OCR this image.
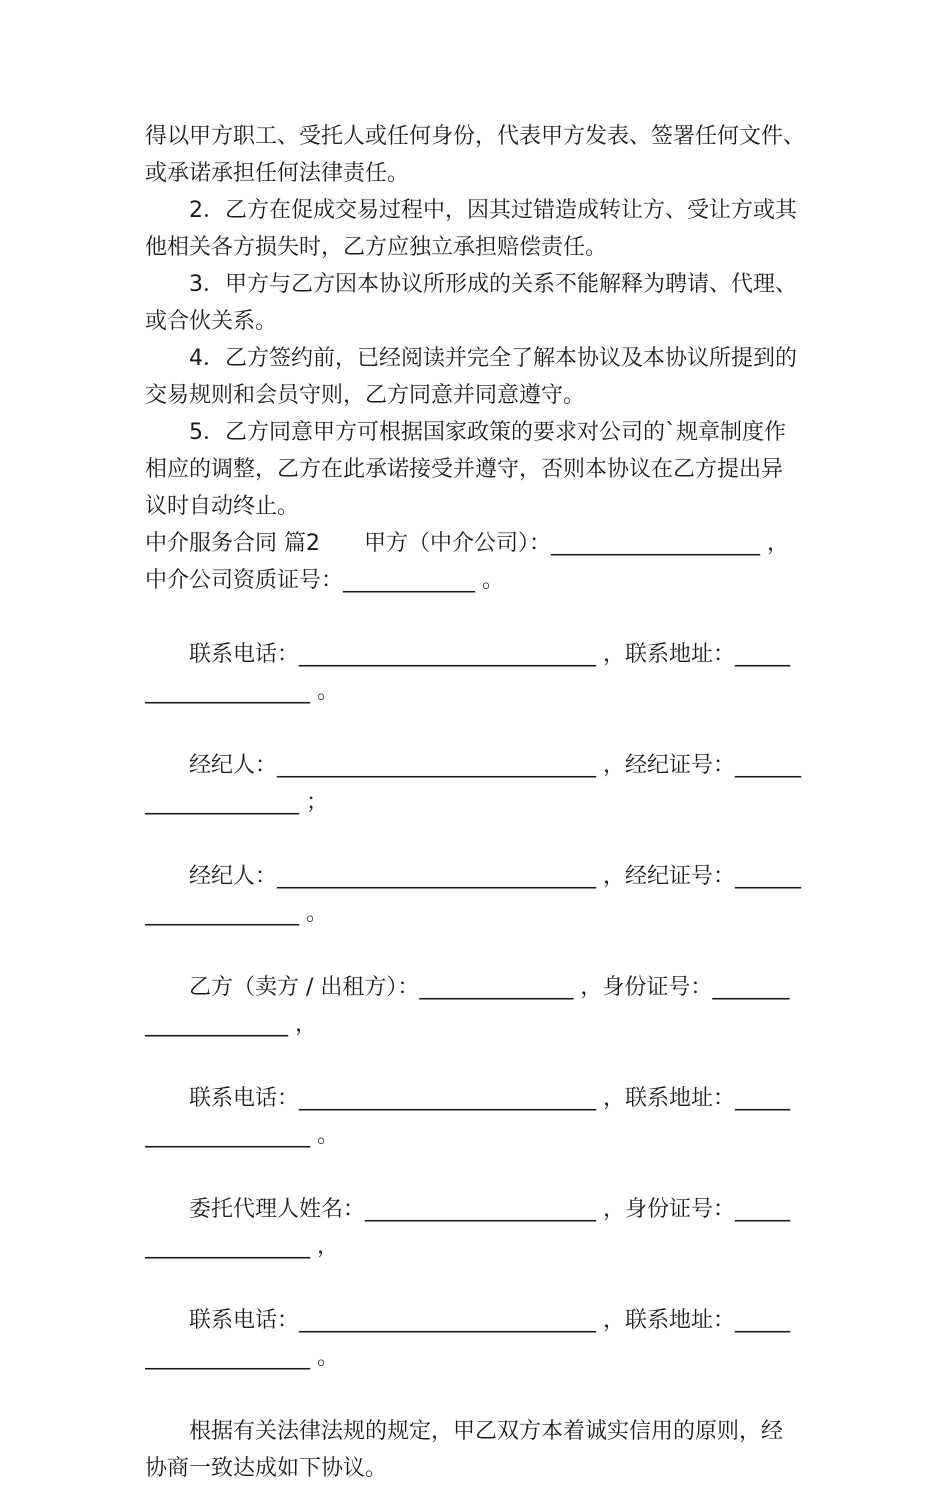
得以甲方职工、受托人或任何身份，代表甲方发表、签署任何文件、
或承诺承担任何法律责任。
2．乙方在促成交易过程中，因其过错造成转让方、受让方或其
他相关各方损失时，乙方应独立承担赔偿责任。
3．甲方与乙方因本协议所形成的关系不能解释为聘请、代理、
或合伙关系。
4．乙方签约前，已经阅读并完全了解本协议及本协议所提到的
交易规则和会员守则，乙方同意并同意遵守。
5．乙方同意甲方可根据国家政策的要求对公司的`规章制度作
相应的调整，乙方在此承诺接受并遵守，否则本协议在乙方提出异
议时自动终止。
中介服务合同 篇2　　甲方（中介公司）：___________________ ，
中介公司资质证号：____________ 。
联系电话：___________________________ ，联系地址：_____
_______________ 。
经纪人：_____________________________ ，经纪证号：______
______________ ；
经纪人：_____________________________ ，经纪证号：______
______________ 。
乙方（卖方 / 出租方）：______________ ，身份证号：_______
_____________ ，
联系电话：___________________________ ，联系地址：_____
_______________ 。
委托代理人姓名：_____________________ ，身份证号：_____
_______________ ，
联系电话：___________________________ ，联系地址：_____
_______________ 。
根据有关法律法规的规定，甲乙双方本着诚实信用的原则，经
协商一致达成如下协议。
